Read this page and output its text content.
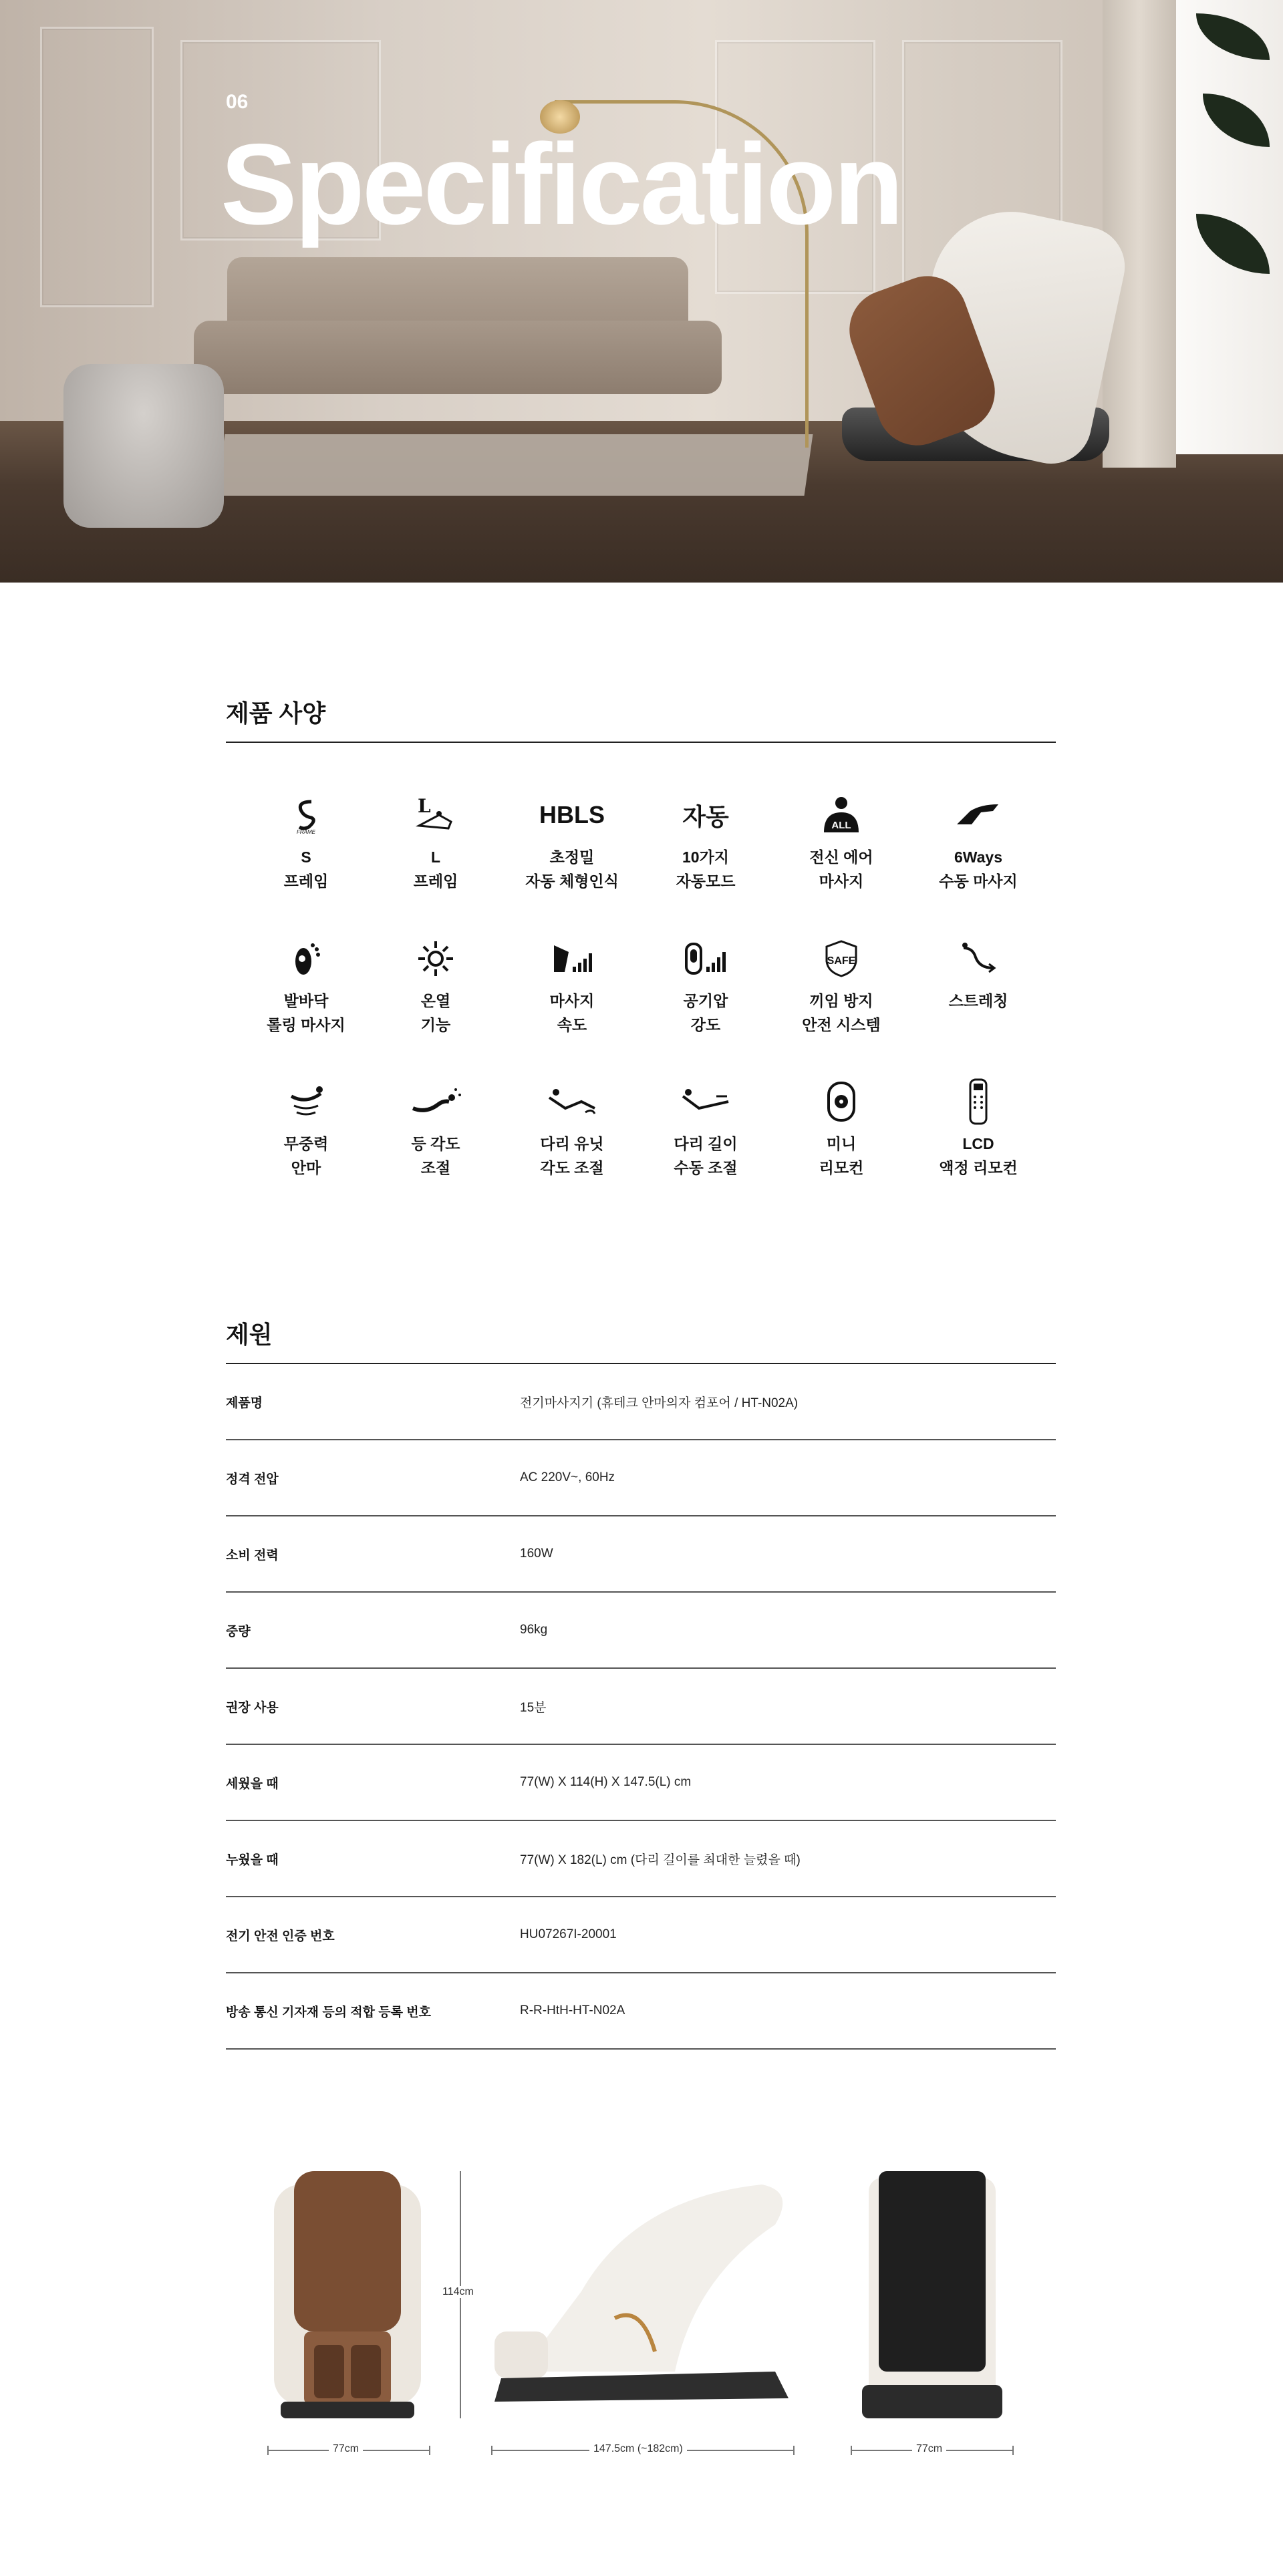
06
Specification
제품 사양
FRAME
S
프레임
L
L
프레임
HBLS
초정밀
자동 체형인식
자동
10가지
자동모드
ALL
전신 에어
마사지
6Ways
수동 마사지
발바닥
롤링 마사지
온열
기능
마사지
속도
공기압
강도
SAFE
끼임 방지
안전 시스템
스트레칭
무중력
안마
등 각도
조절
다리 유닛
각도 조절
다리 길이
수동 조절
미니
리모컨
LCD
액정 리모컨
제원
제품명	전기마사지기 (휴테크 안마의자 컴포어 / HT-N02A)
정격 전압	AC 220V~, 60Hz
소비 전력	160W
중량	96kg
권장 사용	15분
세웠을 때	77(W) X 114(H) X 147.5(L) cm
누웠을 때	77(W) X 182(L) cm (다리 길이를 최대한 늘렸을 때)
전기 안전 인증 번호	HU07267I-20001
방송 통신 기자재 등의 적합 등록 번호	R-R-HtH-HT-N02A
114cm
77cm	147.5cm (~182cm)	77cm
